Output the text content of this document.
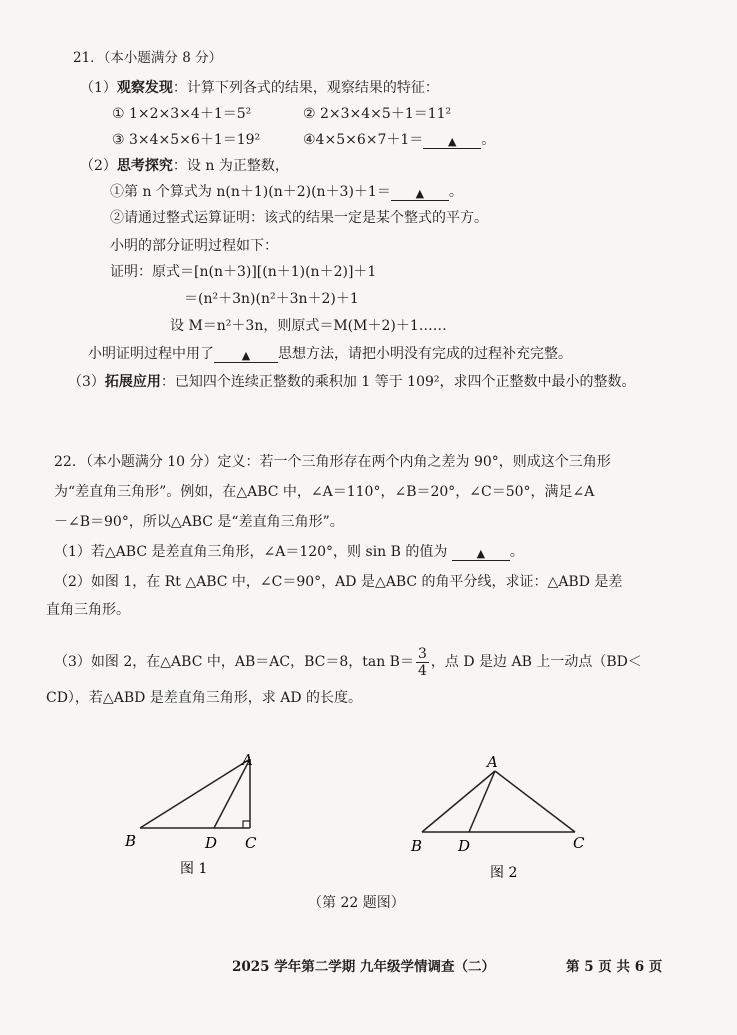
21．（本小题满分 8 分）
（1）观察发现：计算下列各式的结果，观察结果的特征：
① 1×2×3×4＋1＝5²	② 2×3×4×5＋1＝11²
③ 3×4×5×6＋1＝19²	④4×5×6×7＋1＝ ▲ 。
（2）思考探究：设 n 为正整数，
①第 n 个算式为 n(n＋1)(n＋2)(n＋3)＋1＝ ▲ 。
②请通过整式运算证明：该式的结果一定是某个整式的平方。
小明的部分证明过程如下：
证明：原式＝[n(n＋3)][(n＋1)(n＋2)]＋1
＝(n²＋3n)(n²＋3n＋2)＋1
设 M＝n²＋3n，则原式＝M(M＋2)＋1……
小明证明过程中用了	▲ 思想方法，请把小明没有完成的过程补充完整。
（3）拓展应用：已知四个连续正整数的乘积加 1 等于 109²，求四个正整数中最小的整数。
22．（本小题满分 10 分）定义：若一个三角形存在两个内角之差为 90°，则成这个三角形
为“差直角三角形”。例如，在△ABC 中，∠A＝110°，∠B＝20°，∠C＝50°，满足∠A
－∠B＝90°，所以△ABC 是“差直角三角形”。
（1）若△ABC 是差直角三角形，∠A＝120°，则 sin B 的值为	▲ 。
（2）如图 1，在 Rt △ABC 中，∠C＝90°，AD 是△ABC 的角平分线，求证：△ABD 是差
直角三角形。
（3）如图 2，在△ABC 中，AB＝AC，BC＝8，$\tan B= \frac{3}{4}$ ，点 D 是边 AB 上一动点（BD＜
CD），若△ABD 是差直角三角形，求 AD 的长度。
A
B	D C
图 1
A
B D	C
图 2
（第 22 题图）
2025 学年第二学期 九年级学情调查（二）	第 5 页 共 6 页
